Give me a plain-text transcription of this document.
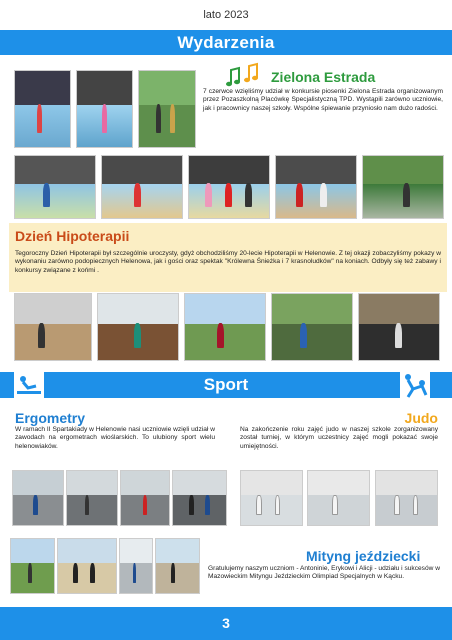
lato 2023
Wydarzenia
Zielona Estrada
7 czerwce wzięliśmy udział w konkursie piosenki Zielona Estrada organizowanym przez Pozaszkolną Placówkę Specjalistyczną TPD. Wystąpili zarówno uczniowie, jak i pracownicy naszej szkoły. Wspólne śpiewanie przyniosło nam dużo radości.
Dzień Hipoterapii
Tegoroczny Dzień Hipoterapii był szczególnie uroczysty, gdyż obchodziliśmy 20-lecie Hipoterapii w Helenowie. Z tej okazji zobaczyliśmy pokazy w wykonaniu zarówno podopiecznych Helenowa, jak i gości oraz spektak "Królewna Śnieżka i 7 krasnoludków" na koniach. Odbyły się też zabawy i konkursy związane z końmi .
Sport
Ergometry
W ramach II Spartakiady w Helenowie nasi uczniowie wzięli udział w zawodach na ergometrach wioślarskich. To ulubiony sport wielu helenowiaków.
Judo
Na zakończenie roku zajęć judo w naszej szkole zorganizowany został turniej, w którym uczestnicy zajęć mogli pokazać swoje umiejętności.
Mityng jeździecki
Gratulujemy naszym uczniom - Antoninie, Erykowi i Alicji - udziału i sukcesów w Mazowieckim Mityngu Jeździeckim Olimpiad Specjalnych w Kącku.
3
